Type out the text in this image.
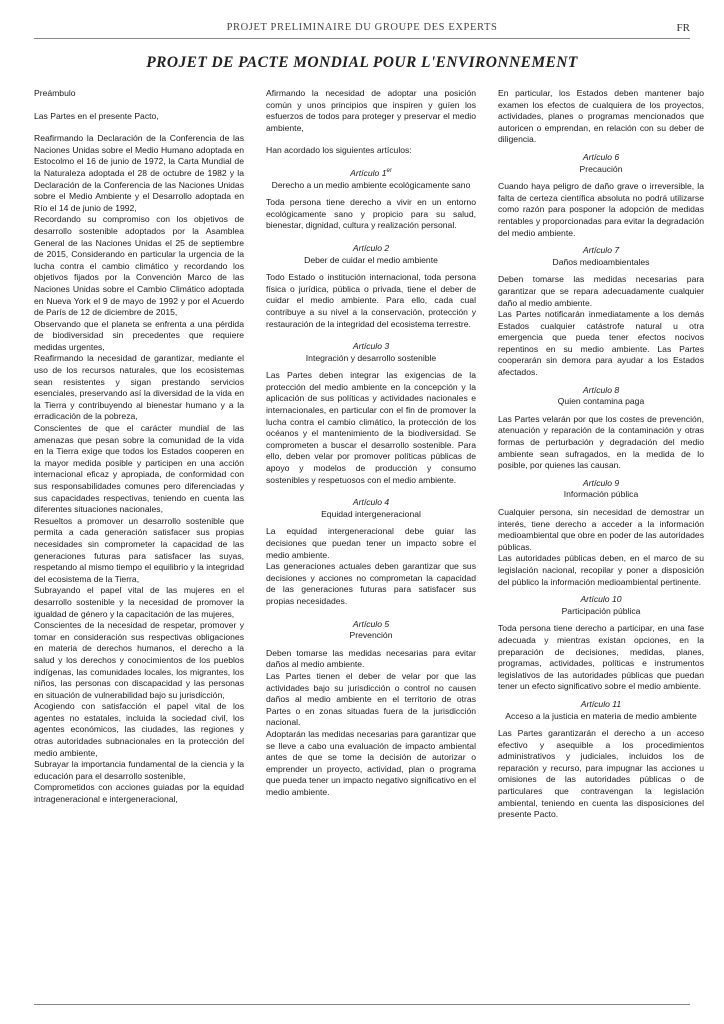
PROJET PRELIMINAIRE DU GROUPE DES EXPERTS	FR
PROJET DE PACTE MONDIAL POUR L'ENVIRONNEMENT

Preámbulo

Las Partes en el presente Pacto,

Reafirmando la Declaración de la Conferencia de las Naciones Unidas sobre el Medio Humano adoptada en Estocolmo el 16 de junio de 1972, la Carta Mundial de la Naturaleza adoptada el 28 de octubre de 1982 y la Declaración de la Conferencia de las Naciones Unidas sobre el Medio Ambiente y el Desarrollo adoptada en Río el 14 de junio de 1992,

Recordando su compromiso con los objetivos de desarrollo sostenible adoptados por la Asamblea General de las Naciones Unidas el 25 de septiembre de 2015, Considerando en particular la urgencia de la lucha contra el cambio climático y recordando los objetivos fijados por la Convención Marco de las Naciones Unidas sobre el Cambio Climático adoptada en Nueva York el 9 de mayo de 1992 y por el Acuerdo de París de 12 de diciembre de 2015,

Observando que el planeta se enfrenta a una pérdida de biodiversidad sin precedentes que requiere medidas urgentes,

Reafirmando la necesidad de garantizar, mediante el uso de los recursos naturales, que los ecosistemas sean resistentes y sigan prestando servicios esenciales, preservando así la diversidad de la vida en la Tierra y contribuyendo al bienestar humano y a la erradicación de la pobreza,

Conscientes de que el carácter mundial de las amenazas que pesan sobre la comunidad de la vida en la Tierra exige que todos los Estados cooperen en la mayor medida posible y participen en una acción internacional eficaz y apropiada, de conformidad con sus responsabilidades comunes pero diferenciadas y sus capacidades respectivas, teniendo en cuenta las diferentes situaciones nacionales,

Resueltos a promover un desarrollo sostenible que permita a cada generación satisfacer sus propias necesidades sin comprometer la capacidad de las generaciones futuras para satisfacer las suyas, respetando al mismo tiempo el equilibrio y la integridad del ecosistema de la Tierra,

Subrayando el papel vital de las mujeres en el desarrollo sostenible y la necesidad de promover la igualdad de género y la capacitación de las mujeres,

Conscientes de la necesidad de respetar, promover y tomar en consideración sus respectivas obligaciones en materia de derechos humanos, el derecho a la salud y los derechos y conocimientos de los pueblos indígenas, las comunidades locales, los migrantes, los niños, las personas con discapacidad y las personas en situación de vulnerabilidad bajo su jurisdicción,

Acogiendo con satisfacción el papel vital de los agentes no estatales, incluida la sociedad civil, los agentes económicos, las ciudades, las regiones y otras autoridades subnacionales en la protección del medio ambiente,

Subrayar la importancia fundamental de la ciencia y la educación para el desarrollo sostenible,

Comprometidos con acciones guiadas por la equidad intrageneracional e intergeneracional,

Afirmando la necesidad de adoptar una posición común y unos principios que inspiren y guíen los esfuerzos de todos para proteger y preservar el medio ambiente,

Han acordado los siguientes artículos:

Artículo 1er

Derecho a un medio ambiente ecológicamente sano

Toda persona tiene derecho a vivir en un entorno ecológicamente sano y propicio para su salud, bienestar, dignidad, cultura y realización personal.

Artículo 2

Deber de cuidar el medio ambiente

Todo Estado o institución internacional, toda persona física o jurídica, pública o privada, tiene el deber de cuidar el medio ambiente. Para ello, cada cual contribuye a su nivel a la conservación, protección y restauración de la integridad del ecosistema terrestre.

Artículo 3

Integración y desarrollo sostenible

Las Partes deben integrar las exigencias de la protección del medio ambiente en la concepción y la aplicación de sus políticas y actividades nacionales e internacionales, en particular con el fin de promover la lucha contra el cambio climático, la protección de los océanos y el mantenimiento de la biodiversidad. Se comprometen a buscar el desarrollo sostenible. Para ello, deben velar por promover políticas públicas de apoyo y modelos de producción y consumo sostenibles y respetuosos con el medio ambiente.

Artículo 4

Equidad intergeneracional

La equidad intergeneracional debe guiar las decisiones que puedan tener un impacto sobre el medio ambiente.

Las generaciones actuales deben garantizar que sus decisiones y acciones no comprometan la capacidad de las generaciones futuras para satisfacer sus propias necesidades.

Artículo 5

Prevención

Deben tomarse las medidas necesarias para evitar daños al medio ambiente.

Las Partes tienen el deber de velar por que las actividades bajo su jurisdicción o control no causen daños al medio ambiente en el territorio de otras Partes o en zonas situadas fuera de la jurisdicción nacional.

Adoptarán las medidas necesarias para garantizar que se lleve a cabo una evaluación de impacto ambiental antes de que se tome la decisión de autorizar o emprender un proyecto, actividad, plan o programa que pueda tener un impacto negativo significativo en el medio ambiente.

En particular, los Estados deben mantener bajo examen los efectos de cualquiera de los proyectos, actividades, planes o programas mencionados que autoricen o emprendan, en relación con su deber de diligencia.

Artículo 6

Precaución

Cuando haya peligro de daño grave o irreversible, la falta de certeza científica absoluta no podrá utilizarse como razón para posponer la adopción de medidas rentables y proporcionadas para evitar la degradación del medio ambiente.

Artículo 7

Daños medioambientales

Deben tomarse las medidas necesarias para garantizar que se repara adecuadamente cualquier daño al medio ambiente.

Las Partes notificarán inmediatamente a los demás Estados cualquier catástrofe natural u otra emergencia que pueda tener efectos nocivos repentinos en su medio ambiente. Las Partes cooperarán sin demora para ayudar a los Estados afectados.

Artículo 8

Quien contamina paga

Las Partes velarán por que los costes de prevención, atenuación y reparación de la contaminación y otras formas de perturbación y degradación del medio ambiente sean sufragados, en la medida de lo posible, por quienes las causan.

Artículo 9

Información pública

Cualquier persona, sin necesidad de demostrar un interés, tiene derecho a acceder a la información medioambiental que obre en poder de las autoridades públicas.

Las autoridades públicas deben, en el marco de su legislación nacional, recopilar y poner a disposición del público la información medioambiental pertinente.

Artículo 10

Participación pública

Toda persona tiene derecho a participar, en una fase adecuada y mientras existan opciones, en la preparación de decisiones, medidas, planes, programas, actividades, políticas e instrumentos legislativos de las autoridades públicas que puedan tener un efecto significativo sobre el medio ambiente.

Artículo 11

Acceso a la justicia en materia de medio ambiente

Las Partes garantizarán el derecho a un acceso efectivo y asequible a los procedimientos administrativos y judiciales, incluidos los de reparación y recurso, para impugnar las acciones u omisiones de las autoridades públicas o de particulares que contravengan la legislación ambiental, teniendo en cuenta las disposiciones del presente Pacto.
